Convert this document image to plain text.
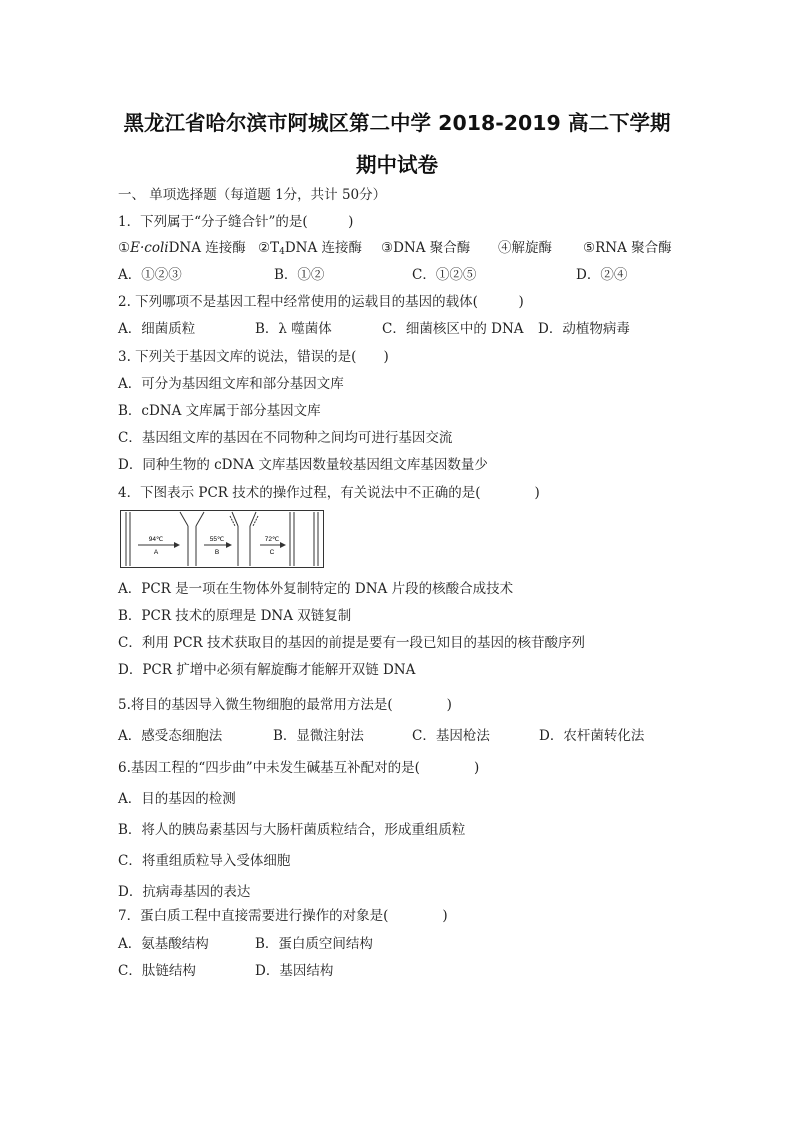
黑龙江省哈尔滨市阿城区第二中学 2018-2019 高二下学期
期中试卷
一、 单项选择题（每道题 1分，共计 50分）
1．下列属于“分子缝合针”的是(　　　)
①E·coliDNA 连接酶 $②T_4DNA$ 连接酶 ③DNA 聚合酶 ④解旋酶 ⑤RNA 聚合酶
A．①②③	B．①②	C．①②⑤	D．②④
2. 下列哪项不是基因工程中经常使用的运载目的基因的载体(　　　)
A．细菌质粒	B．λ 噬菌体	C．细菌核区中的 DNA D．动植物病毒
3. 下列关于基因文库的说法，错误的是(　　)
A．可分为基因组文库和部分基因文库
B．cDNA 文库属于部分基因文库
C．基因组文库的基因在不同物种之间均可进行基因交流
D．同种生物的 cDNA 文库基因数量较基因组文库基因数量少
4．下图表示 PCR 技术的操作过程，有关说法中不正确的是(　　　　)
94℃
A
55℃
B
72℃
C
A．PCR 是一项在生物体外复制特定的 DNA 片段的核酸合成技术
B．PCR 技术的原理是 DNA 双链复制
C．利用 PCR 技术获取目的基因的前提是要有一段已知目的基因的核苷酸序列
D．PCR 扩增中必须有解旋酶才能解开双链 DNA
5.将目的基因导入微生物细胞的最常用方法是(　　　　)
A．感受态细胞法	B．显微注射法	C．基因枪法	D．农杆菌转化法
6.基因工程的“四步曲”中未发生碱基互补配对的是(　　　　)
A．目的基因的检测
B．将人的胰岛素基因与大肠杆菌质粒结合，形成重组质粒
C．将重组质粒导入受体细胞
D．抗病毒基因的表达
7．蛋白质工程中直接需要进行操作的对象是(　　　　)
A．氨基酸结构	B．蛋白质空间结构
C．肽链结构	D．基因结构
